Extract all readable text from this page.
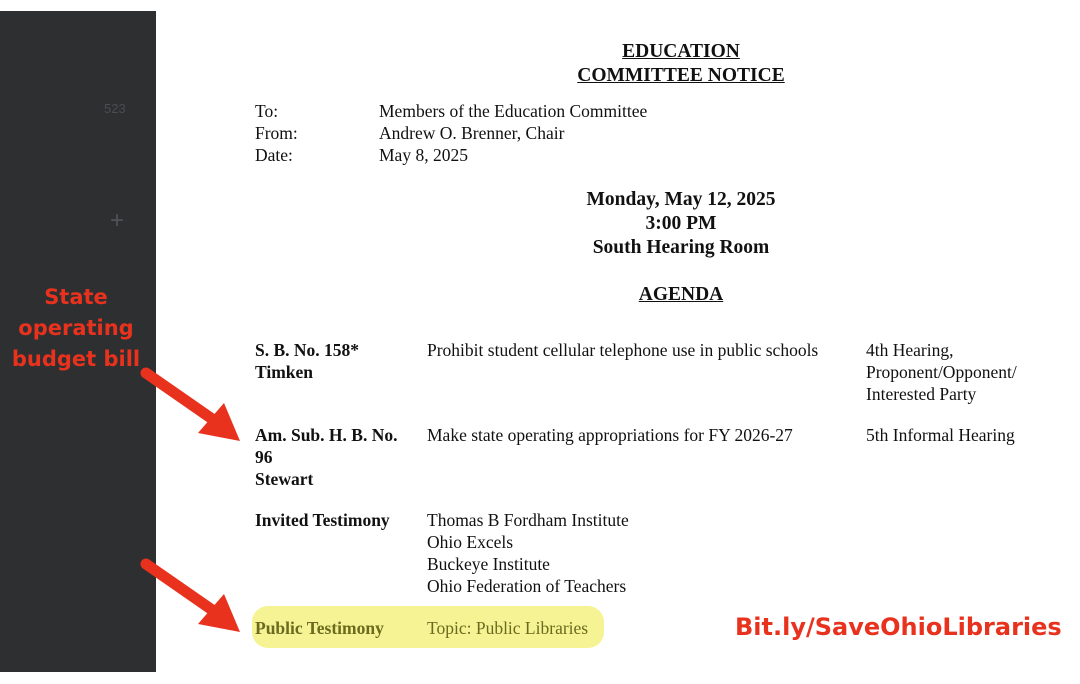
523
+
State
operating
budget bill
EDUCATION
COMMITTEE NOTICE
To:	Members of the Education Committee
From:	Andrew O. Brenner, Chair
Date:	May 8, 2025
Monday, May 12, 2025
3:00 PM
South Hearing Room
AGENDA
S. B. No. 158*
Timken
Prohibit student cellular telephone use in public schools	4th Hearing,
Proponent/Opponent/
Interested Party
Am. Sub. H. B. No.
96
Stewart
Make state operating appropriations for FY 2026-27	5th Informal Hearing
Invited Testimony	Thomas B Fordham Institute
Ohio Excels
Buckeye Institute
Ohio Federation of Teachers
Public Testimony	Topic: Public Libraries	Bit.ly/SaveOhioLibraries
